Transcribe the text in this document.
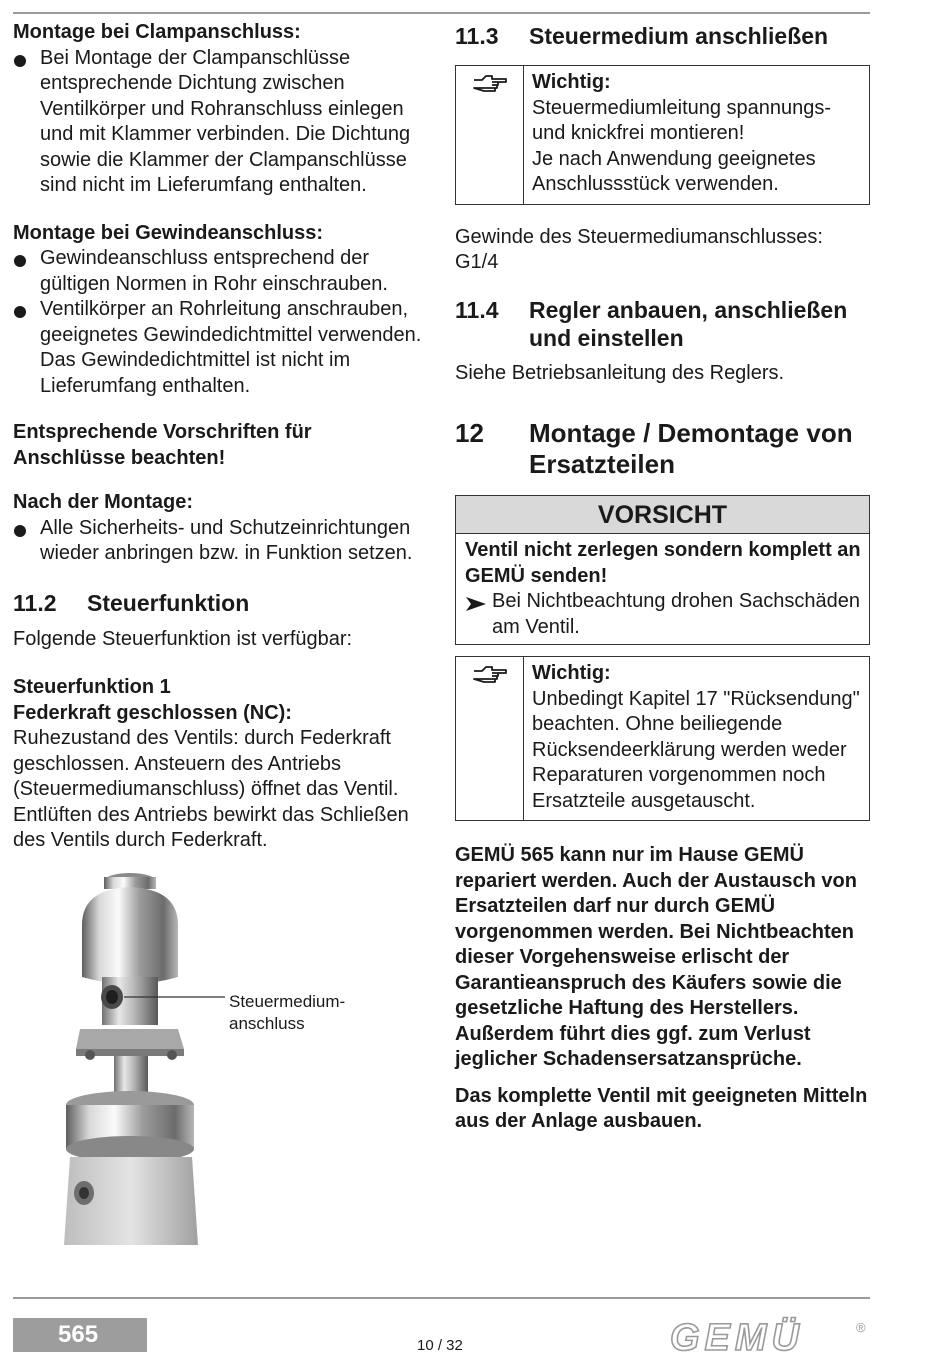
Montage bei Clampanschluss:
Bei Montage der Clampanschlüsse entsprechende Dichtung zwischen Ventilkörper und Rohranschluss einlegen und mit Klammer verbinden. Die Dichtung sowie die Klammer der Clampanschlüsse sind nicht im Lieferumfang enthalten.
Montage bei Gewindeanschluss:
Gewindeanschluss entsprechend der gültigen Normen in Rohr einschrauben.
Ventilkörper an Rohrleitung anschrauben, geeignetes Gewindedichtmittel verwenden. Das Gewindedichtmittel ist nicht im Lieferumfang enthalten.
Entsprechende Vorschriften für
Anschlüsse beachten!
Nach der Montage:
Alle Sicherheits- und Schutzeinrichtungen wieder anbringen bzw. in Funktion setzen.
11.2	Steuerfunktion
Folgende Steuerfunktion ist verfügbar:
Steuerfunktion 1
Federkraft geschlossen (NC):
Ruhezustand des Ventils: durch Federkraft geschlossen. Ansteuern des Antriebs (Steuermediumanschluss) öffnet das Ventil. Entlüften des Antriebs bewirkt das Schließen des Ventils durch Federkraft.
Steuermedium-
anschluss
11.3	Steuermedium anschließen
Wichtig:
Steuermediumleitung spannungs-
und knickfrei montieren!
Je nach Anwendung geeignetes
Anschlussstück verwenden.
Gewinde des Steuermediumanschlusses:
G1/4
11.4	Regler anbauen, anschließen
und einstellen
Siehe Betriebsanleitung des Reglers.
12	Montage / Demontage von
Ersatzteilen
VORSICHT
Ventil nicht zerlegen sondern komplett an GEMÜ senden!
Bei Nichtbeachtung drohen Sachschäden am Ventil.
Wichtig:
Unbedingt Kapitel 17 "Rücksendung" beachten. Ohne beiliegende Rücksendeerklärung werden weder Reparaturen vorgenommen noch Ersatzteile ausgetauscht.
GEMÜ 565 kann nur im Hause GEMÜ repariert werden. Auch der Austausch von Ersatzteilen darf nur durch GEMÜ vorgenommen werden. Bei Nichtbeachten dieser Vorgehensweise erlischt der Garantieanspruch des Käufers sowie die gesetzliche Haftung des Herstellers. Außerdem führt dies ggf. zum Verlust jeglicher Schadensersatzansprüche.
Das komplette Ventil mit geeigneten Mitteln aus der Anlage ausbauen.
565	10 / 32	GEMÜ	®
